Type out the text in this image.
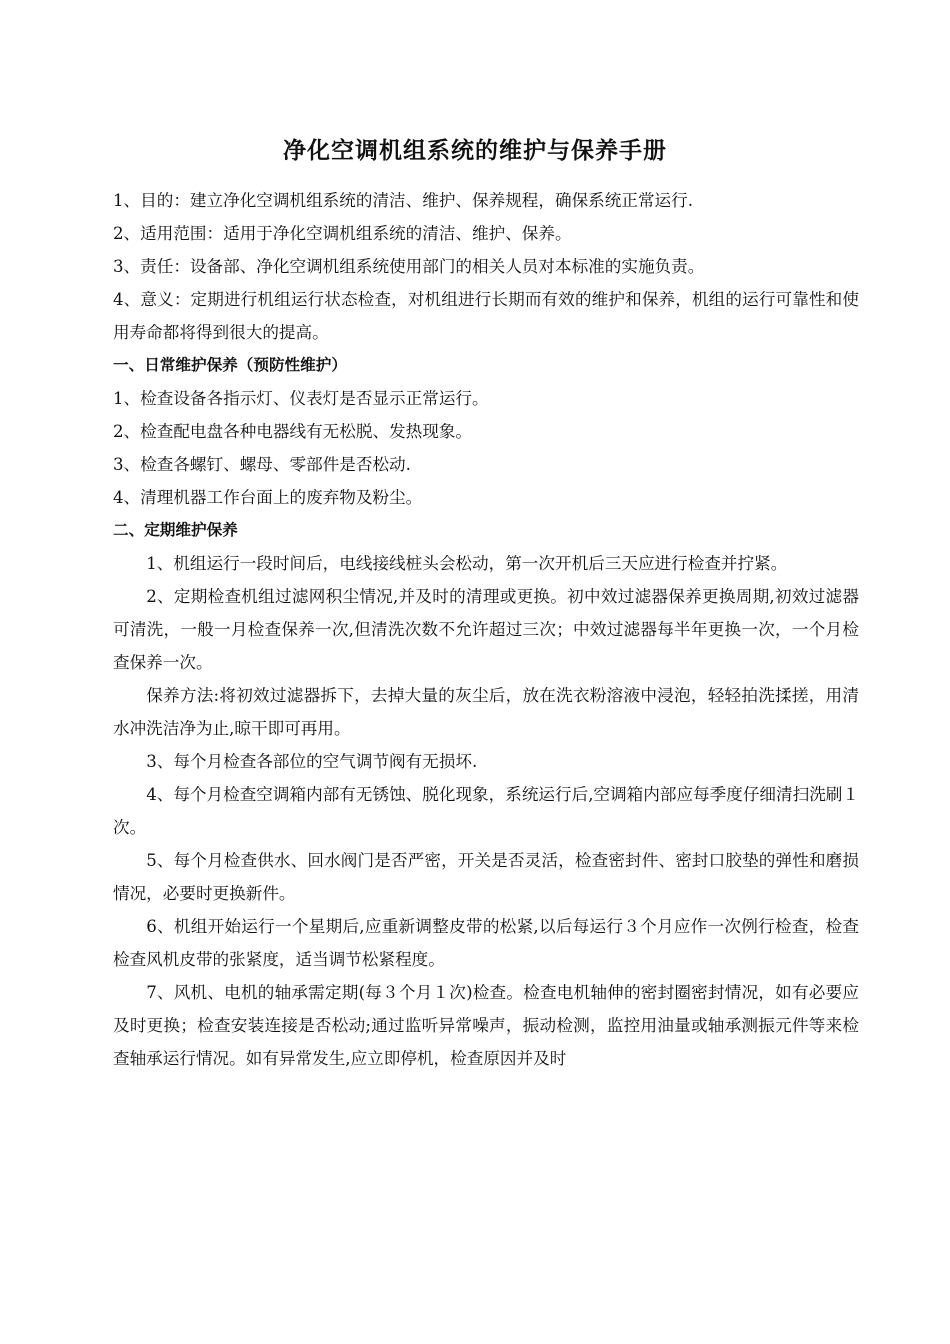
净化空调机组系统的维护与保养手册

1、目的：建立净化空调机组系统的清洁、维护、保养规程，确保系统正常运行.

2、适用范围：适用于净化空调机组系统的清洁、维护、保养。

3、责任：设备部、净化空调机组系统使用部门的相关人员对本标准的实施负责。

4、意义：定期进行机组运行状态检查，对机组进行长期而有效的维护和保养，机组的运行可靠性和使用寿命都将得到很大的提高。

一、日常维护保养（预防性维护）

1、检查设备各指示灯、仪表灯是否显示正常运行。

2、检查配电盘各种电器线有无松脱、发热现象。

3、检查各螺钉、螺母、零部件是否松动.

4、清理机器工作台面上的废弃物及粉尘。

二、定期维护保养

1、机组运行一段时间后，电线接线桩头会松动，第一次开机后三天应进行检查并拧紧。

2、定期检查机组过滤网积尘情况,并及时的清理或更换。初中效过滤器保养更换周期,初效过滤器可清洗，一般一月检查保养一次,但清洗次数不允许超过三次；中效过滤器每半年更换一次，一个月检查保养一次。

保养方法:将初效过滤器拆下，去掉大量的灰尘后，放在洗衣粉溶液中浸泡，轻轻拍洗揉搓，用清水冲洗洁净为止,晾干即可再用。

3、每个月检查各部位的空气调节阀有无损坏.

4、每个月检查空调箱内部有无锈蚀、脱化现象，系统运行后,空调箱内部应每季度仔细清扫洗刷１次。

5、每个月检查供水、回水阀门是否严密，开关是否灵活，检查密封件、密封口胶垫的弹性和磨损情况，必要时更换新件。

6、机组开始运行一个星期后,应重新调整皮带的松紧,以后每运行３个月应作一次例行检查，检查检查风机皮带的张紧度，适当调节松紧程度。

7、风机、电机的轴承需定期(每３个月１次)检查。检查电机轴伸的密封圈密封情况，如有必要应及时更换；检查安装连接是否松动;通过监听异常噪声，振动检测，监控用油量或轴承测振元件等来检查轴承运行情况。如有异常发生,应立即停机，检查原因并及时
